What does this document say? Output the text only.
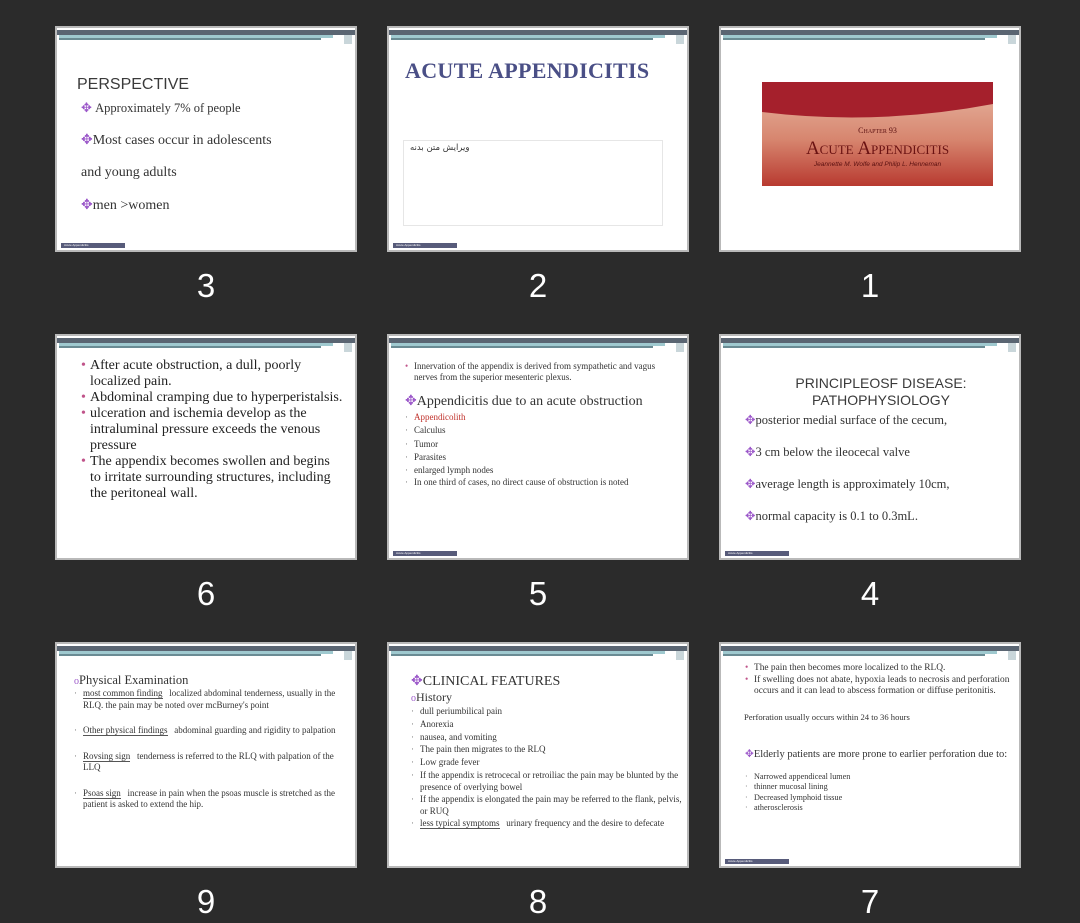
PERSPECTIVE
✥ Approximately 7% of people
✥Most cases occur in adolescents
and young adults
✥men >women
Acute Appendicitis
3
ACUTE APPENDICITIS
ویرایش متن بدنه
Acute Appendicitis
2
Chapter 93
Acute Appendicitis
Jeannette M. Wolfe and Philip L. Henneman
1
• After acute obstruction, a dull, poorly localized pain.
• Abdominal cramping due to hyperperistalsis.
• ulceration and ischemia develop as the intraluminal pressure exceeds the venous pressure
• The appendix becomes swollen and begins to irritate surrounding structures, including the peritoneal wall.
6
• Innervation of the appendix is derived from sympathetic and vagus nerves from the superior mesenteric plexus.
✥ Appendicitis due to an acute obstruction
· Appendicolith
· Calculus
· Tumor
· Parasites
· enlarged lymph nodes
· In one third of cases, no direct cause of obstruction is noted
Acute Appendicitis
5
PRINCIPLEOSF DISEASE:
PATHOPHYSIOLOGY
✥posterior medial surface of the cecum,
✥3 cm below the ileocecal valve
✥average length is approximately 10cm,
✥normal capacity is 0.1 to 0.3mL.
Acute Appendicitis
4
oPhysical Examination
· most common finding localized abdominal tenderness, usually in the RLQ. the pain may be noted over mcBurney's point
· Other physical findings abdominal guarding and rigidity to palpation
· Rovsing sign tenderness is referred to the RLQ with palpation of the LLQ
· Psoas sign increase in pain when the psoas muscle is stretched as the patient is asked to extend the hip.
9
✥CLINICAL FEATURES
oHistory
· dull periumbilical pain
· Anorexia
· nausea, and vomiting
· The pain then migrates to the RLQ
· Low grade fever
· If the appendix is retrocecal or retroiliac the pain may be blunted by the presence of overlying bowel
· If the appendix is elongated the pain may be referred to the flank, pelvis, or RUQ
· less typical symptoms urinary frequency and the desire to defecate
8
• The pain then becomes more localized to the RLQ.
• If swelling does not abate, hypoxia leads to necrosis and perforation occurs and it can lead to abscess formation or diffuse peritonitis.
Perforation usually occurs within 24 to 36 hours
✥ Elderly patients are more prone to earlier perforation due to:
· Narrowed appendiceal lumen
· thinner mucosal lining
· Decreased lymphoid tissue
· atherosclerosis
Acute Appendicitis
7
